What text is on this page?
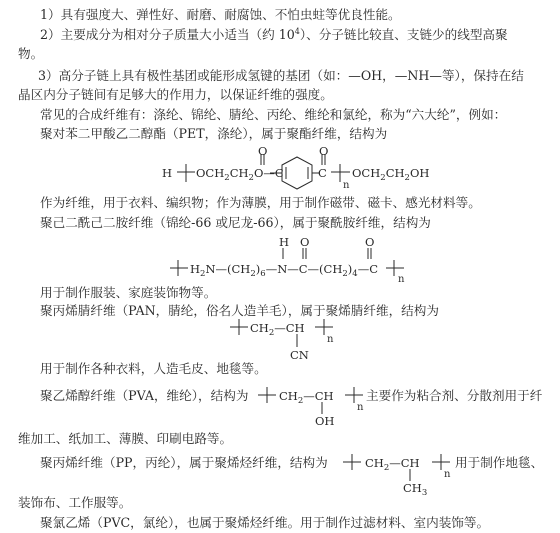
1）具有强度大、弹性好、耐磨、耐腐蚀、不怕虫蛀等优良性能。
2）主要成分为相对分子质量大小适当（约 $10^4$）、分子链比较直、支链少的线型高聚
物。
3）高分子链上具有极性基团或能形成氢键的基团（如：—OH，—NH—等），保持在结
晶区内分子链间有足够大的作用力，以保证纤维的强度。
常见的合成纤维有：涤纶、锦纶、腈纶、丙纶、维纶和氯纶，称为“六大纶”，例如：
聚对苯二甲酸乙二醇酯（PET，涤纶），属于聚酯纤维，结构为
H $OCH_2CH_2O—C$
O	O
C
n
$OCH_2CH_2OH$
作为纤维，用于衣料、编织物；作为薄膜，用于制作磁带、磁卡、感光材料等。
聚己二酰己二胺纤维（锦纶-66 或尼龙-66），属于聚酰胺纤维，结构为
H O	O
$H_2N—(CH_2)_6—N—C—(CH_2)_4—C$
n
用于制作服装、家庭装饰物等。
聚丙烯腈纤维（PAN，腈纶，俗名人造羊毛），属于聚烯腈纤维，结构为
$CH_2—CH$
n
CN
用于制作各种衣料，人造毛皮、地毯等。
聚乙烯醇纤维（PVA，维纶），结构为	$CH_2—CH$
n
OH
主要作为粘合剂、分散剂用于纤
维加工、纸加工、薄膜、印刷电路等。
聚丙烯纤维（PP，丙纶），属于聚烯烃纤维，结构为	$CH_2—CH$
n
$CH_3$
用于制作地毯、
装饰布、工作服等。
聚氯乙烯（PVC，氯纶），也属于聚烯烃纤维。用于制作过滤材料、室内装饰等。
